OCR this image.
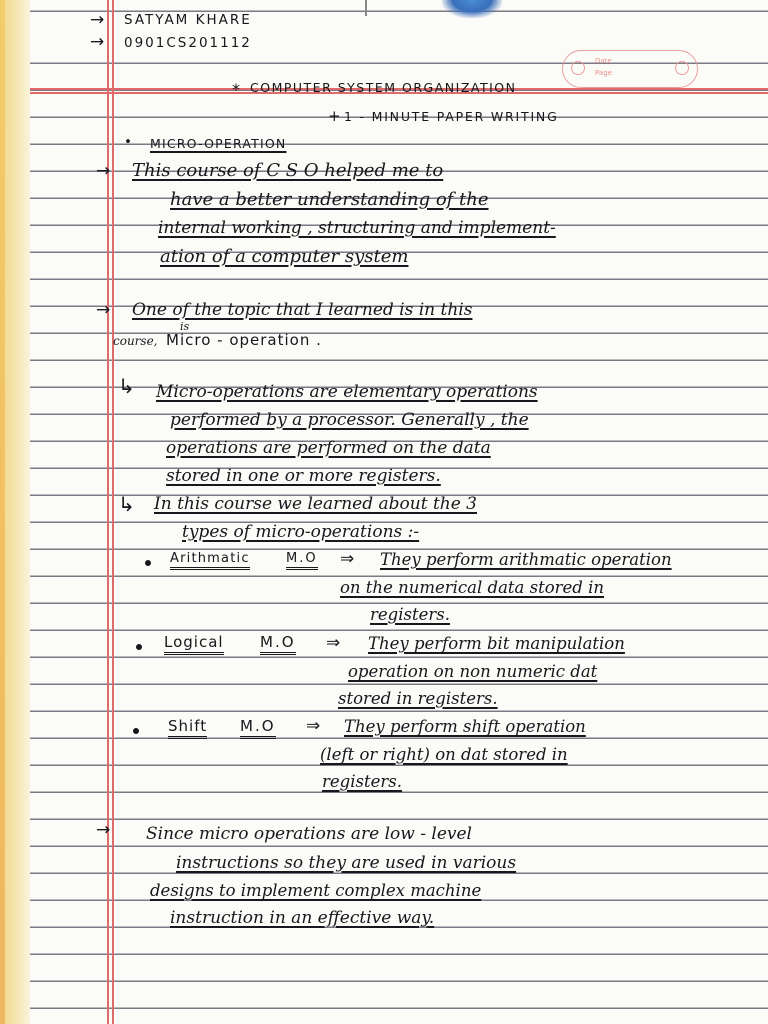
Date
Page
→ SATYAM KHARE
→ 0901CS201112
* COMPUTER SYSTEM ORGANIZATION
+ 1 - MINUTE PAPER WRITING
• MICRO-OPERATION
→ This course of C S O helped me to
have a better understanding of the
internal working , structuring and implement-
ation of a computer system
→ One of the topic that I learned is in this
is
course, Micro - operation .
↳ Micro-operations are elementary operations
performed by a processor. Generally , the
operations are performed on the data
stored in one or more registers.
↳ In this course we learned about the 3
types of micro-operations :-
Arithmatic	M.O ⇒ They perform arithmatic operation
on the numerical data stored in
registers.
Logical M.O ⇒ They perform bit manipulation
operation on non numeric dat
stored in registers.
Shift M.O ⇒ They perform shift operation
(left or right) on dat stored in
registers.
→ Since micro operations are low - level
instructions so they are used in various
designs to implement complex machine
instruction in an effective way.
